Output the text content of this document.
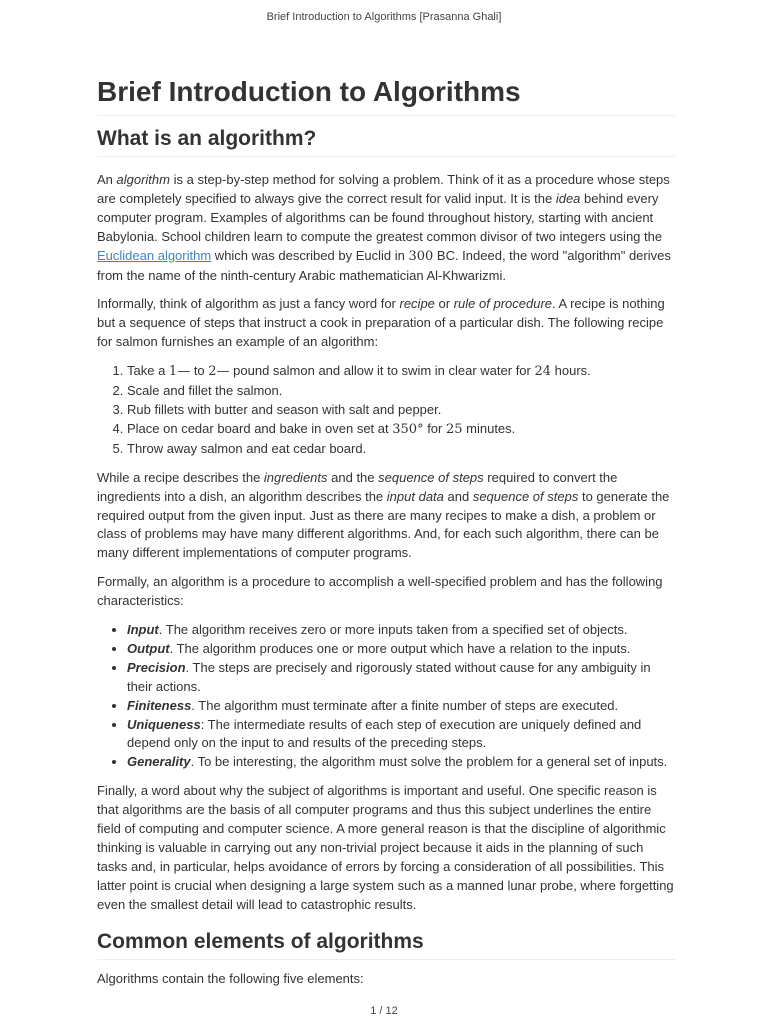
Brief Introduction to Algorithms [Prasanna Ghali]
Brief Introduction to Algorithms
What is an algorithm?

An algorithm is a step-by-step method for solving a problem. Think of it as a procedure whose steps are completely specified to always give the correct result for valid input. It is the idea behind every computer program. Examples of algorithms can be found throughout history, starting with ancient Babylonia. School children learn to compute the greatest common divisor of two integers using the Euclidean algorithm which was described by Euclid in 300 BC. Indeed, the word "algorithm" derives from the name of the ninth-century Arabic mathematician Al-Khwarizmi.

Informally, think of algorithm as just a fancy word for recipe or rule of procedure. A recipe is nothing but a sequence of steps that instruct a cook in preparation of a particular dish. The following recipe for salmon furnishes an example of an algorithm:

1. Take a 1— to 2— pound salmon and allow it to swim in clear water for 24 hours.
2. Scale and fillet the salmon.
3. Rub fillets with butter and season with salt and pepper.
4. Place on cedar board and bake in oven set at 350° for 25 minutes.
5. Throw away salmon and eat cedar board.

While a recipe describes the ingredients and the sequence of steps required to convert the ingredients into a dish, an algorithm describes the input data and sequence of steps to generate the required output from the given input. Just as there are many recipes to make a dish, a problem or class of problems may have many different algorithms. And, for each such algorithm, there can be many different implementations of computer programs.

Formally, an algorithm is a procedure to accomplish a well-specified problem and has the following characteristics:

• Input. The algorithm receives zero or more inputs taken from a specified set of objects.
• Output. The algorithm produces one or more output which have a relation to the inputs.
• Precision. The steps are precisely and rigorously stated without cause for any ambiguity in their actions.
• Finiteness. The algorithm must terminate after a finite number of steps are executed.
• Uniqueness: The intermediate results of each step of execution are uniquely defined and depend only on the input to and results of the preceding steps.
• Generality. To be interesting, the algorithm must solve the problem for a general set of inputs.

Finally, a word about why the subject of algorithms is important and useful. One specific reason is that algorithms are the basis of all computer programs and thus this subject underlines the entire field of computing and computer science. A more general reason is that the discipline of algorithmic thinking is valuable in carrying out any non-trivial project because it aids in the planning of such tasks and, in particular, helps avoidance of errors by forcing a consideration of all possibilities. This latter point is crucial when designing a large system such as a manned lunar probe, where forgetting even the smallest detail will lead to catastrophic results.

Common elements of algorithms

Algorithms contain the following five elements:

1 / 12
